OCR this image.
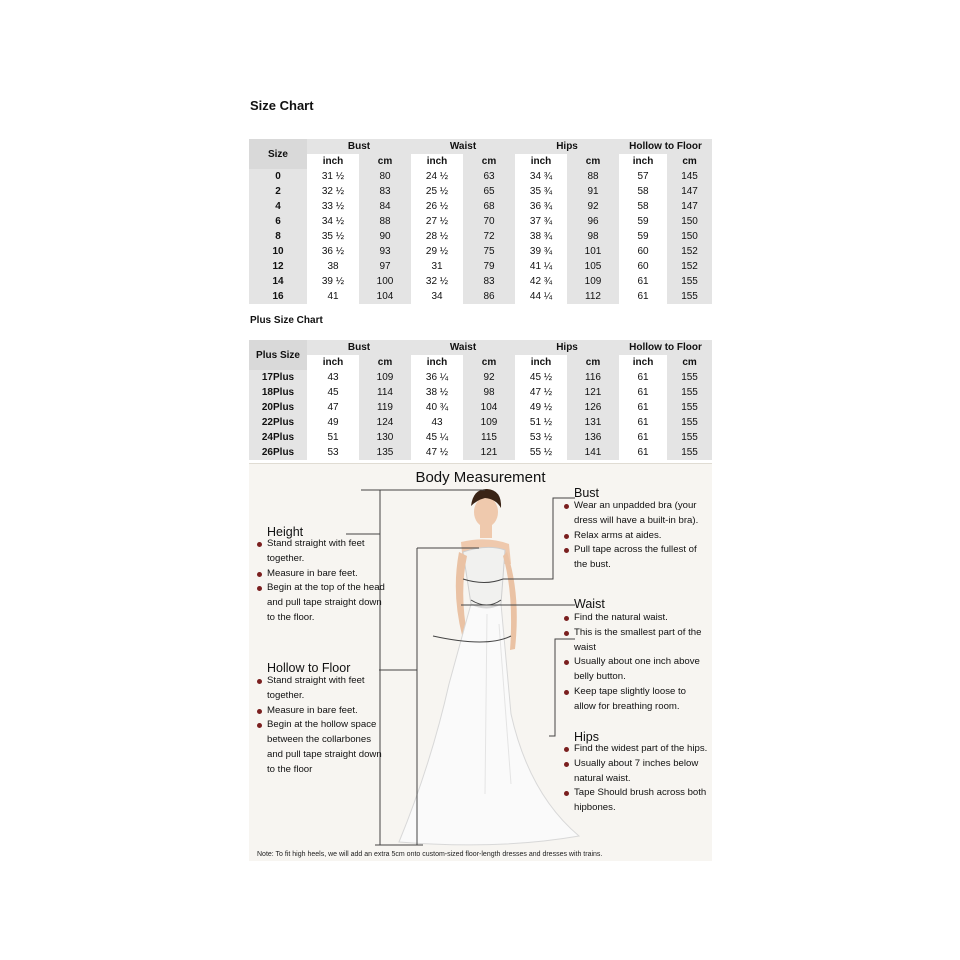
Size Chart
Size	Bust		Waist		Hips		Hollow to Floor	
	inch	cm	inch	cm	inch	cm	inch	cm
0	31 ½	80	24 ½	63	34 ¾	88	57	145
2	32 ½	83	25 ½	65	35 ¾	91	58	147
4	33 ½	84	26 ½	68	36 ¾	92	58	147
6	34 ½	88	27 ½	70	37 ¾	96	59	150
8	35 ½	90	28 ½	72	38 ¾	98	59	150
10	36 ½	93	29 ½	75	39 ¾	101	60	152
12	38	97	31	79	41 ¼	105	60	152
14	39 ½	100	32 ½	83	42 ¾	109	61	155
16	41	104	34	86	44 ¼	112	61	155
Plus Size Chart
Plus Size	Bust		Waist		Hips		Hollow to Floor	
	inch	cm	inch	cm	inch	cm	inch	cm
17Plus	43	109	36 ¼	92	45 ½	116	61	155
18Plus	45	114	38 ½	98	47 ½	121	61	155
20Plus	47	119	40 ¾	104	49 ½	126	61	155
22Plus	49	124	43	109	51 ½	131	61	155
24Plus	51	130	45 ¼	115	53 ½	136	61	155
26Plus	53	135	47 ½	121	55 ½	141	61	155
Body Measurement
Height
Stand straight with feet together.
Measure in bare feet.
Begin at the top of the head and pull tape straight down to the floor.
Hollow to Floor
Stand straight with feet together.
Measure in bare feet.
Begin at the hollow space between the collarbones and pull tape straight down to the floor
Bust
Wear an unpadded bra (your dress will have a built-in bra).
Relax arms at aides.
Pull tape across the fullest of the bust.
Waist
Find the natural waist.
This is the smallest part of the waist
Usually about one inch above belly button.
Keep tape slightly loose to allow for breathing room.
Hips
Find the widest part of the hips.
Usually about 7 inches below natural waist.
Tape Should brush across both hipbones.
Note: To fit high heels, we will add an extra 5cm onto custom-sized floor-length dresses and dresses with trains.
